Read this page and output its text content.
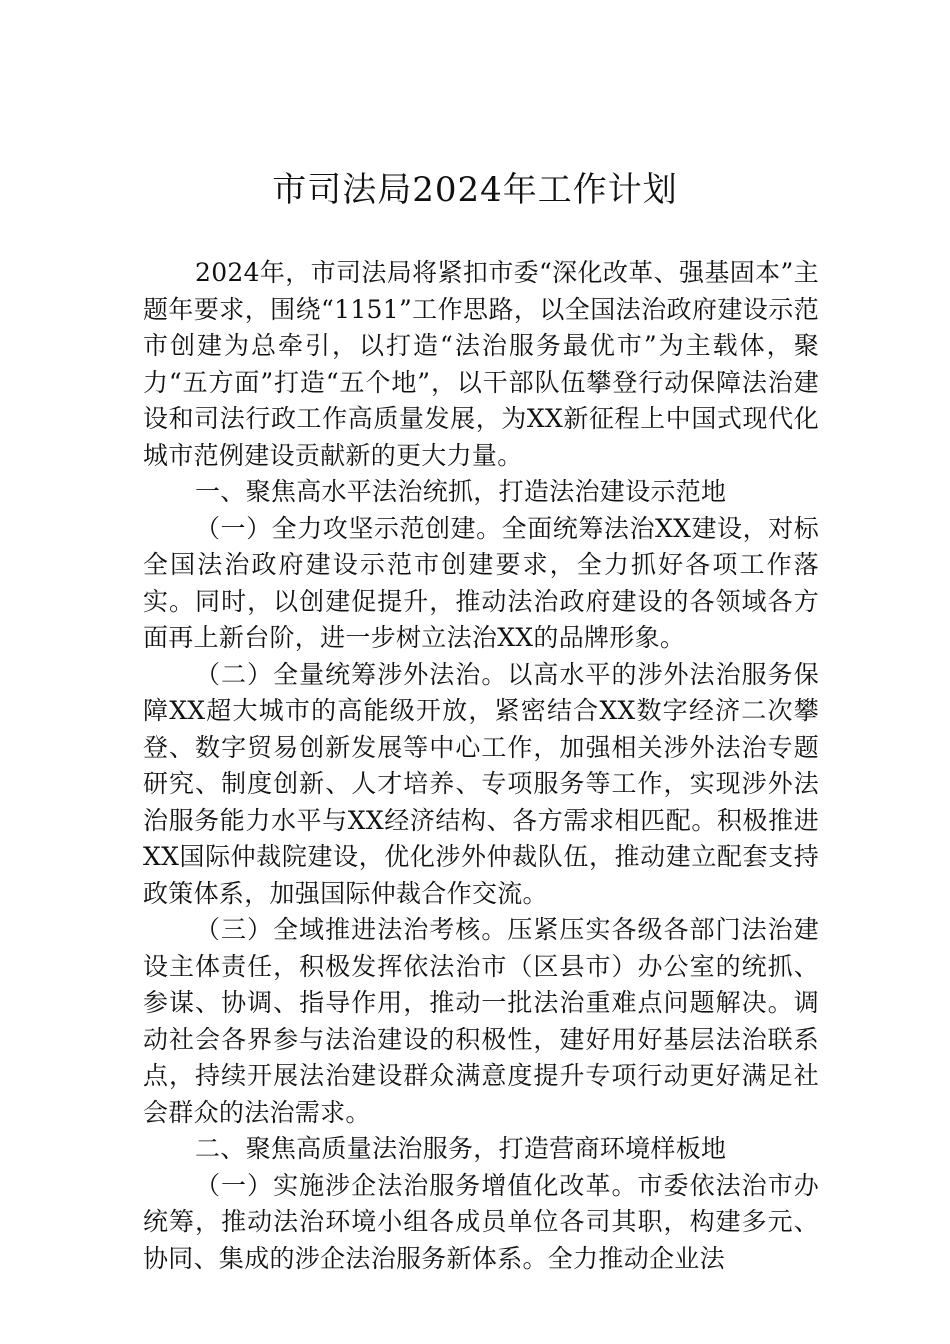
市司法局2024年工作计划

2024年，市司法局将紧扣市委“深化改革、强基固本”主题年要求，围绕“1151”工作思路，以全国法治政府建设示范市创建为总牵引，以打造“法治服务最优市”为主载体，聚力“五方面”打造“五个地”，以干部队伍攀登行动保障法治建设和司法行政工作高质量发展，为XX新征程上中国式现代化城市范例建设贡献新的更大力量。

一、聚焦高水平法治统抓，打造法治建设示范地

（一）全力攻坚示范创建。全面统筹法治XX建设，对标全国法治政府建设示范市创建要求，全力抓好各项工作落实。同时，以创建促提升，推动法治政府建设的各领域各方面再上新台阶，进一步树立法治XX的品牌形象。

（二）全量统筹涉外法治。以高水平的涉外法治服务保障XX超大城市的高能级开放，紧密结合XX数字经济二次攀登、数字贸易创新发展等中心工作，加强相关涉外法治专题研究、制度创新、人才培养、专项服务等工作，实现涉外法治服务能力水平与XX经济结构、各方需求相匹配。积极推进XX国际仲裁院建设，优化涉外仲裁队伍，推动建立配套支持政策体系，加强国际仲裁合作交流。

（三）全域推进法治考核。压紧压实各级各部门法治建设主体责任，积极发挥依法治市（区县市）办公室的统抓、参谋、协调、指导作用，推动一批法治重难点问题解决。调动社会各界参与法治建设的积极性，建好用好基层法治联系点，持续开展法治建设群众满意度提升专项行动更好满足社会群众的法治需求。

二、聚焦高质量法治服务，打造营商环境样板地

（一）实施涉企法治服务增值化改革。市委依法治市办统筹，推动法治环境小组各成员单位各司其职，构建多元、协同、集成的涉企法治服务新体系。全力推动企业法
